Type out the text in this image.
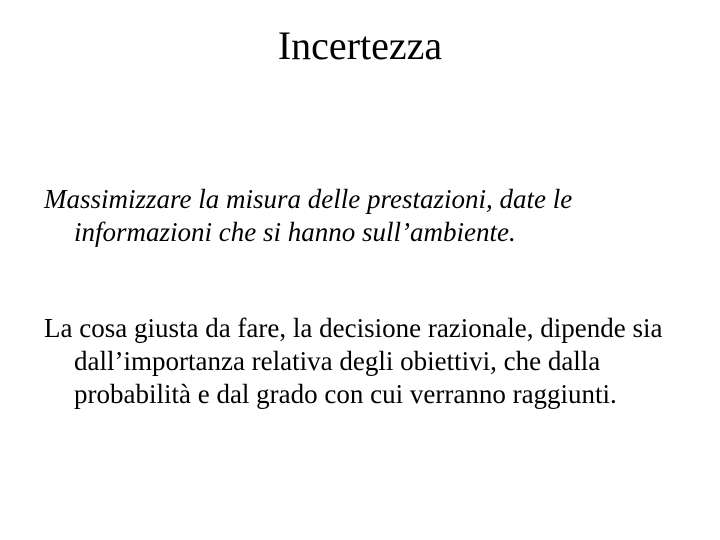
Incertezza

Massimizzare la misura delle prestazioni, date le informazioni che si hanno sull’ambiente.

La cosa giusta da fare, la decisione razionale, dipende sia dall’importanza relativa degli obiettivi, che dalla probabilità e dal grado con cui verranno raggiunti.
